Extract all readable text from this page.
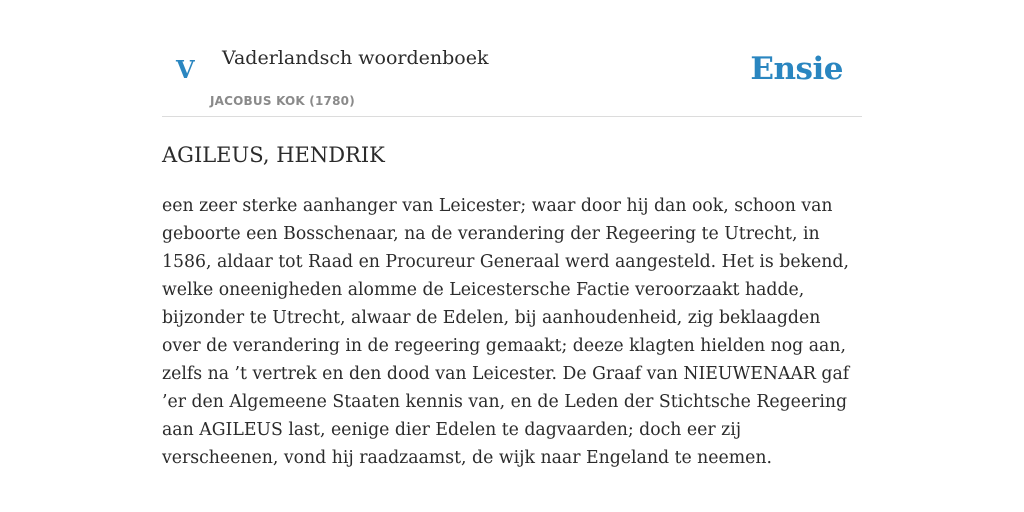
V Vaderlandsch woordenboek
JACOBUS KOK (1780)
Ensie
AGILEUS, HENDRIK

een zeer sterke aanhanger van Leicester; waar door hij dan ook, schoon van geboorte een Bosschenaar, na de verandering der Regeering te Utrecht, in 1586, aldaar tot Raad en Procureur Generaal werd aangesteld. Het is bekend, welke oneenigheden alomme de Leicestersche Factie veroorzaakt hadde, bijzonder te Utrecht, alwaar de Edelen, bij aanhoudenheid, zig beklaagden over de verandering in de regeering gemaakt; deeze klagten hielden nog aan, zelfs na ’t vertrek en den dood van Leicester. De Graaf van NIEUWENAAR gaf ’er den Algemeene Staaten kennis van, en de Leden der Stichtsche Regeering aan AGILEUS last, eenige dier Edelen te dagvaarden; doch eer zij verscheenen, vond hij raadzaamst, de wijk naar Engeland te neemen.
